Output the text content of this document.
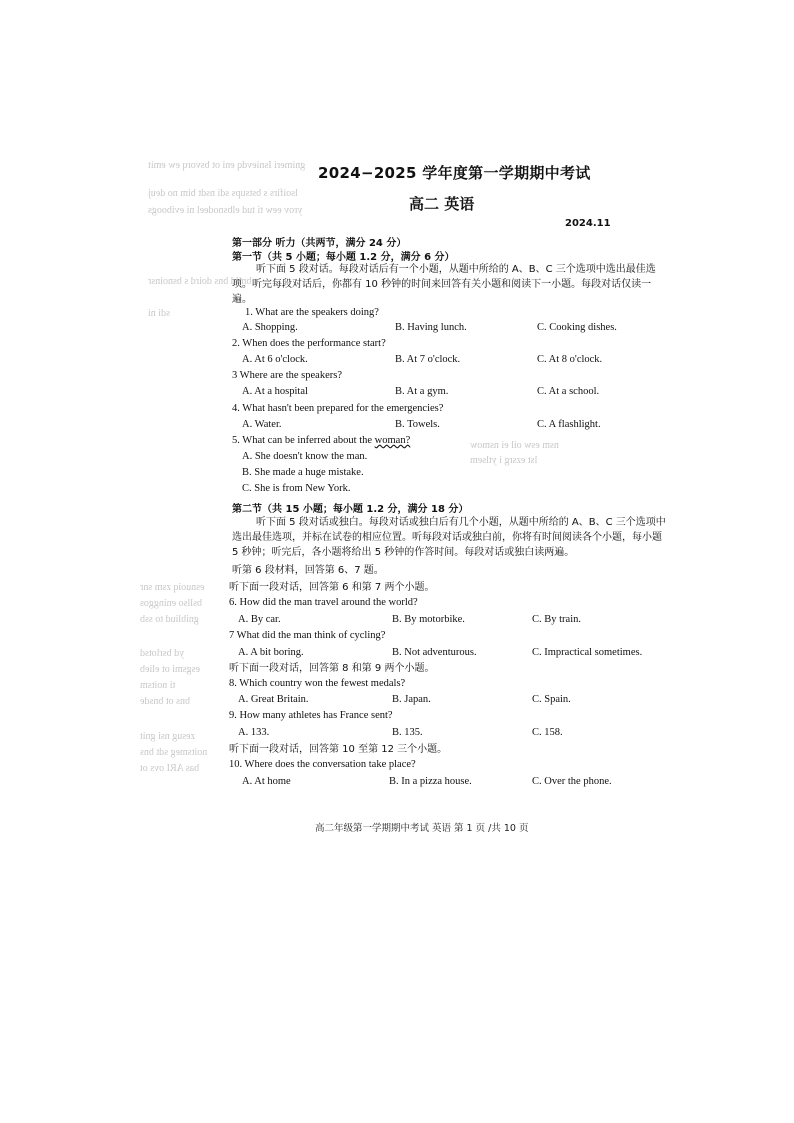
gnimeri Isnievdq eni ot bsvorq ew emit
lsoifirs s bstsups sdi nsdt bim no deuj
yrov eew ti tud elbsnodeel ni eviboogs
bnild bns doird s bsnoinsr
sdi ni
esnuoiq zsm snr
bsllso eninggos
gnibliud to ssb
yd bsrlotsd
esgsmi ot elieb
ti noitsm
bns ot bnsde
zesug nsi gnit
noitsmeg sdt bns
bas ARI ovs ot
nsm esw oil ei nsmow
lst ezsrg i ytlsem
2024−2025 学年度第一学期期中考试
高二 英语
2024.11
第一部分 听力（共两节，满分 24 分）
第一节（共 5 小题；每小题 1.2 分，满分 6 分）
听下面 5 段对话。每段对话后有一个小题，从题中所给的 A、B、C 三个选项中选出最佳选项。听完每段对话后，你都有 10 秒钟的时间来回答有关小题和阅读下一小题。每段对话仅读一遍。
1. What are the speakers doing?
A. Shopping.	B. Having lunch.	C. Cooking dishes.
2. When does the performance start?
A. At 6 o'clock.	B. At 7 o'clock.	C. At 8 o'clock.
3 Where are the speakers?
A. At a hospital	B. At a gym.	C. At a school.
4. What hasn't been prepared for the emergencies?
A. Water.	B. Towels.	C. A flashlight.
5. What can be inferred about the woman?
A. She doesn't know the man.
B. She made a huge mistake.
C. She is from New York.
第二节（共 15 小题；每小题 1.2 分，满分 18 分）
听下面 5 段对话或独白。每段对话或独白后有几个小题，从题中所给的 A、B、C 三个选项中选出最佳选项，并标在试卷的相应位置。听每段对话或独白前，你将有时间阅读各个小题，每小题 5 秒钟；听完后，各小题将给出 5 秒钟的作答时间。每段对话或独白读两遍。
听第 6 段材料，回答第 6、7 题。
听下面一段对话，回答第 6 和第 7 两个小题。
6. How did the man travel around the world?
A. By car.	B. By motorbike.	C. By train.
7 What did the man think of cycling?
A. A bit boring.	B. Not adventurous.	C. Impractical sometimes.
听下面一段对话，回答第 8 和第 9 两个小题。
8. Which country won the fewest medals?
A. Great Britain.	B. Japan.	C. Spain.
9. How many athletes has France sent?
A. 133.	B. 135.	C. 158.
听下面一段对话，回答第 10 至第 12 三个小题。
10. Where does the conversation take place?
A. At home	B. In a pizza house.	C. Over the phone.
高二年级第一学期期中考试 英语 第 1 页 /共 10 页
